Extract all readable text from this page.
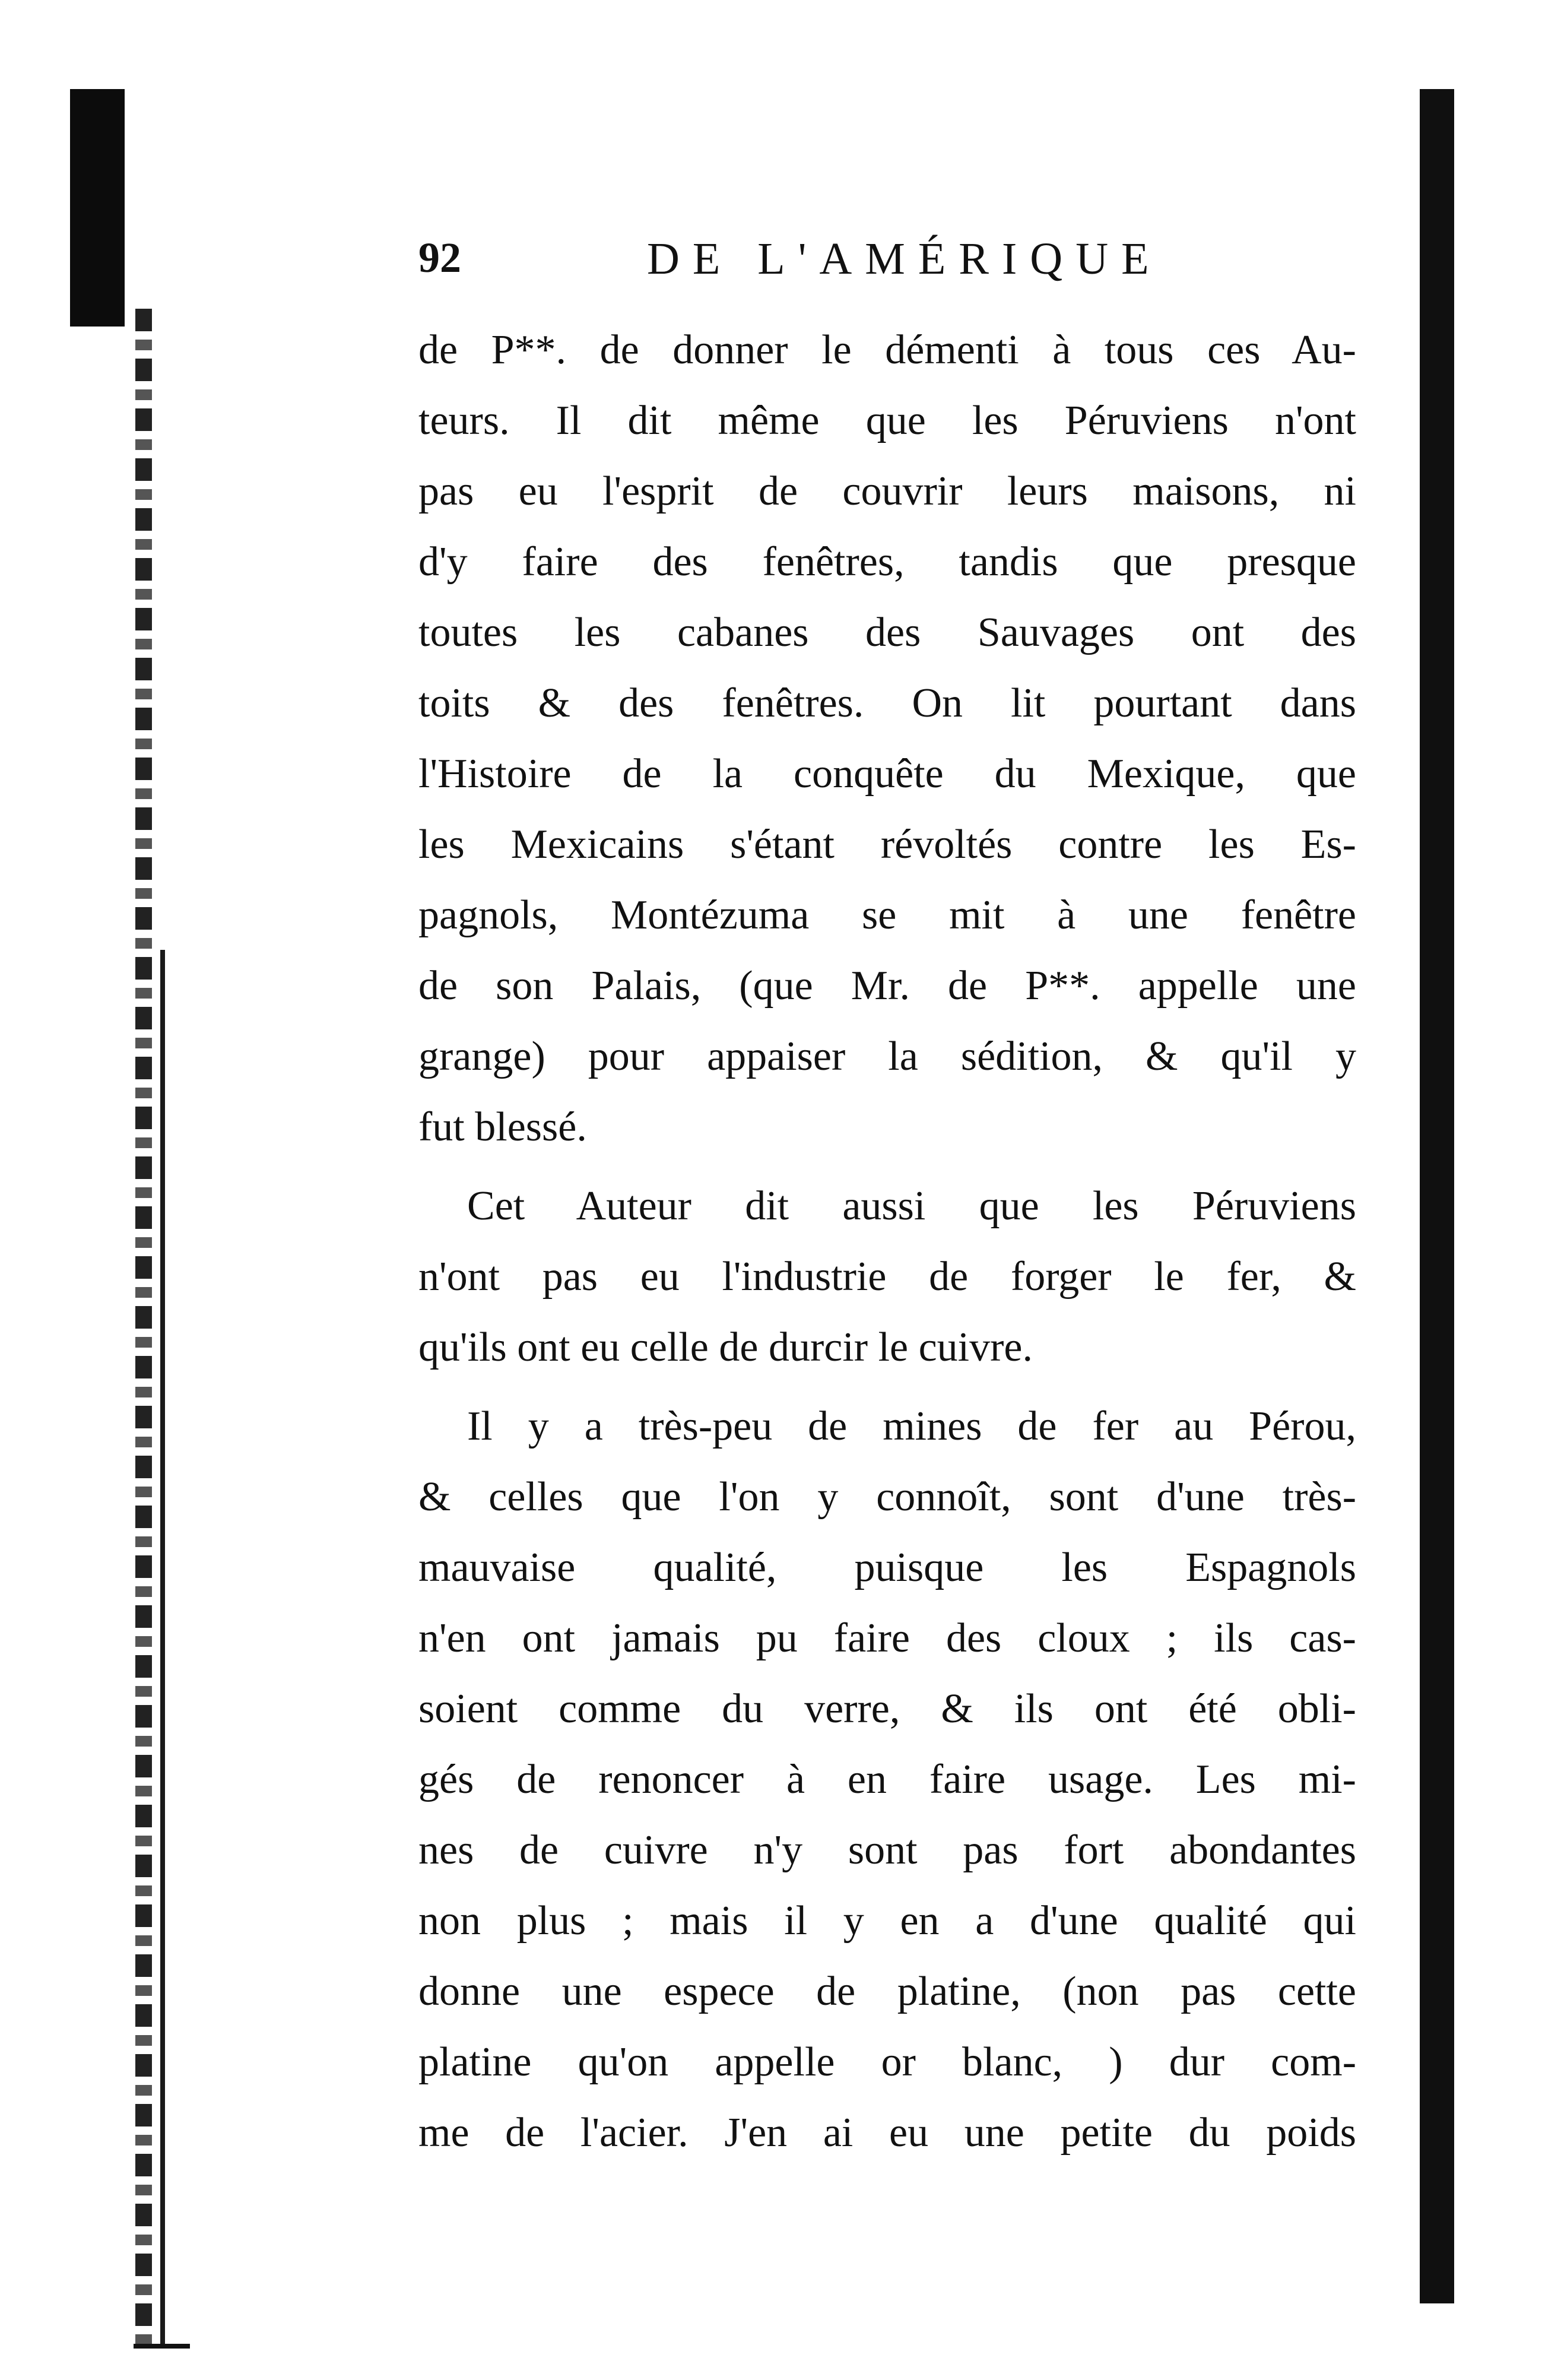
92	DE L'AMÉRIQUE
de P**. de donner le démenti à tous ces Au-
teurs. Il dit même que les Péruviens n'ont
pas eu l'esprit de couvrir leurs maisons, ni
d'y faire des fenêtres, tandis que presque
toutes les cabanes des Sauvages ont des
toits & des fenêtres. On lit pourtant dans
l'Histoire de la conquête du Mexique, que
les Mexicains s'étant révoltés contre les Es-
pagnols, Montézuma se mit à une fenêtre
de son Palais, (que Mr. de P**. appelle une
grange) pour appaiser la sédition, & qu'il y
fut blessé.
Cet Auteur dit aussi que les Péruviens
n'ont pas eu l'industrie de forger le fer, &
qu'ils ont eu celle de durcir le cuivre.
Il y a très-peu de mines de fer au Pérou,
& celles que l'on y connoît, sont d'une très-
mauvaise qualité, puisque les Espagnols
n'en ont jamais pu faire des cloux ; ils cas-
soient comme du verre, & ils ont été obli-
gés de renoncer à en faire usage. Les mi-
nes de cuivre n'y sont pas fort abondantes
non plus ; mais il y en a d'une qualité qui
donne une espece de platine, (non pas cette
platine qu'on appelle or blanc, ) dur com-
me de l'acier. J'en ai eu une petite du poids
